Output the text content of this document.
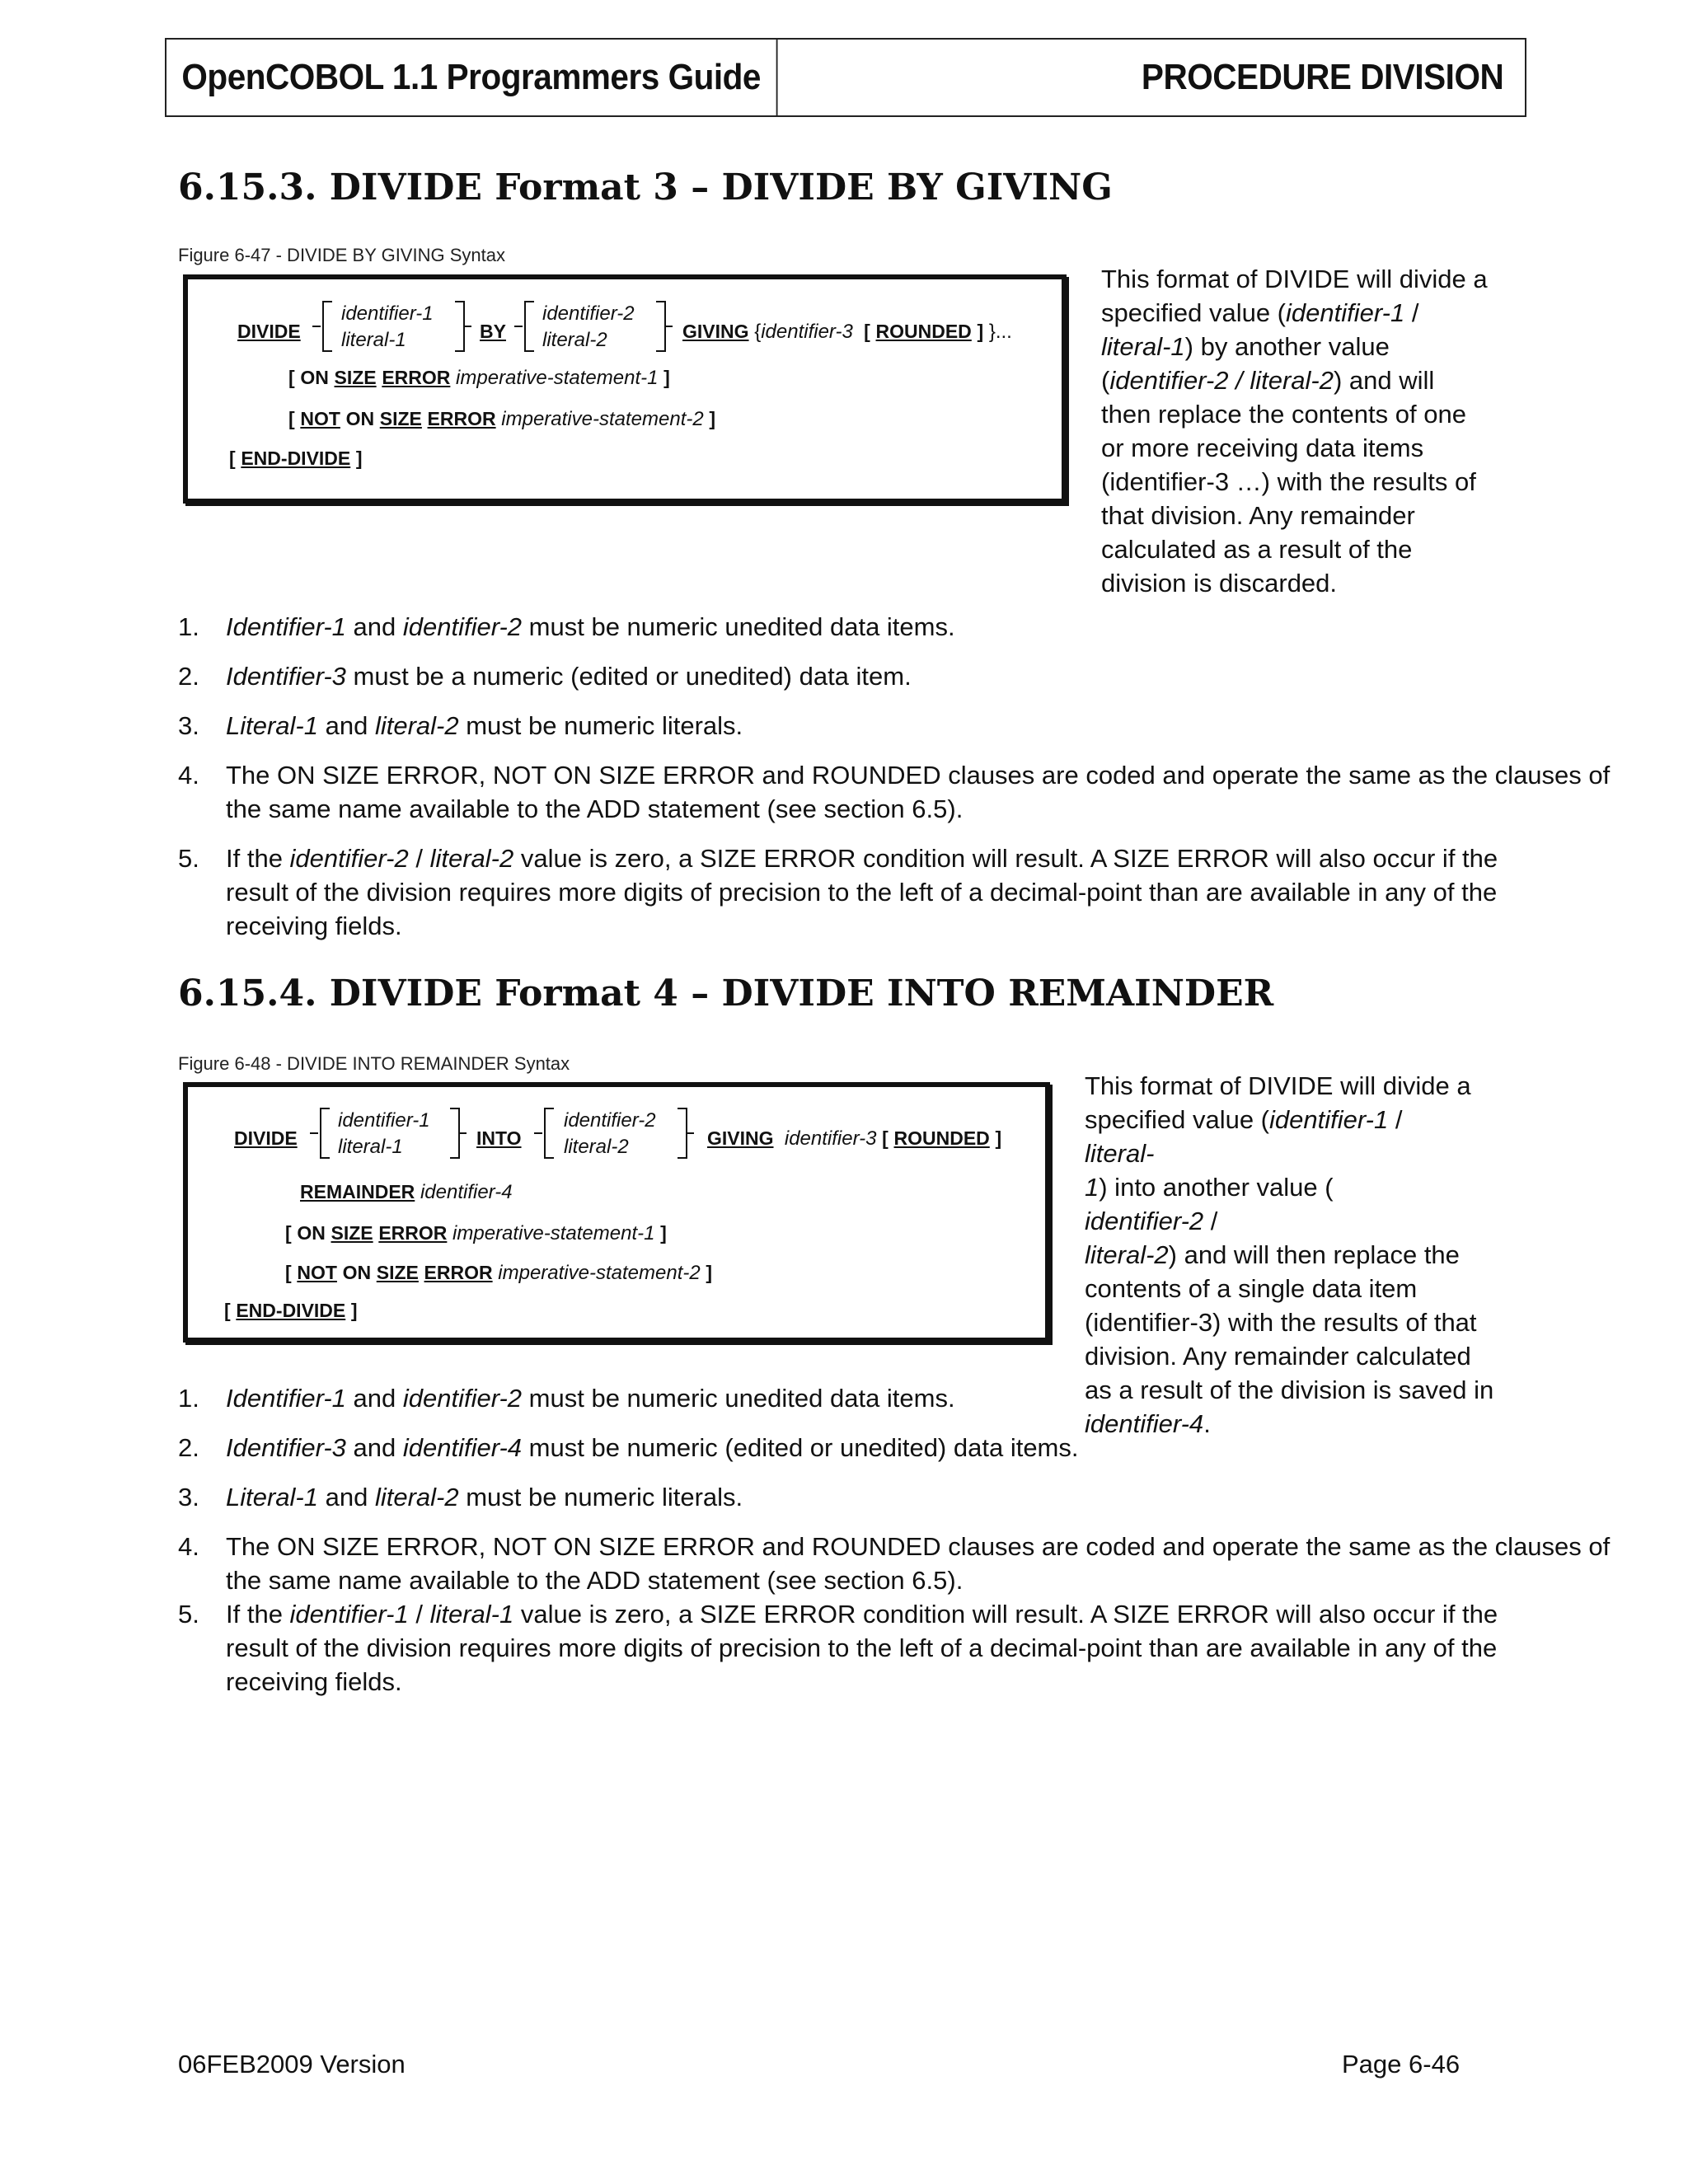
OpenCOBOL 1.1 Programmers Guide	PROCEDURE DIVISION
6.15.3. DIVIDE Format 3 – DIVIDE BY GIVING
Figure 6-47 - DIVIDE BY GIVING Syntax
DIVIDE
identifier-1
literal-1	BY
identifier-2
literal-2	GIVING {identifier-3 [ ROUNDED ] }...
[ ON SIZE ERROR imperative-statement-1 ]
[ NOT ON SIZE ERROR imperative-statement-2 ]
[ END-DIVIDE ]
This format of DIVIDE will divide a
specified value (identifier-1 /
literal-1) by another value
(identifier-2 / literal-2) and will
then replace the contents of one
or more receiving data items
(identifier-3 …) with the results of
that division. Any remainder
calculated as a result of the
division is discarded.
1. Identifier-1 and identifier-2 must be numeric unedited data items.
2. Identifier-3 must be a numeric (edited or unedited) data item.
3. Literal-1 and literal-2 must be numeric literals.
4. The ON SIZE ERROR, NOT ON SIZE ERROR and ROUNDED clauses are coded and operate the same as the clauses of
the same name available to the ADD statement (see section 6.5).
5. If the identifier-2 / literal-2 value is zero, a SIZE ERROR condition will result. A SIZE ERROR will also occur if the
result of the division requires more digits of precision to the left of a decimal-point than are available in any of the
receiving fields.
6.15.4. DIVIDE Format 4 – DIVIDE INTO REMAINDER
Figure 6-48 - DIVIDE INTO REMAINDER Syntax
DIVIDE
identifier-1
literal-1	INTO
identifier-2
literal-2	GIVING identifier-3 [ ROUNDED ]
REMAINDER identifier-4
[ ON SIZE ERROR imperative-statement-1 ]
[ NOT ON SIZE ERROR imperative-statement-2 ]
[ END-DIVIDE ]
This format of DIVIDE will divide a
specified value (identifier-1 /
literal-
1) into another value (
identifier-2 /
literal-2) and will then replace the
contents of a single data item
(identifier-3) with the results of that
division. Any remainder calculated
as a result of the division is saved in
identifier-4.
1. Identifier-1 and identifier-2 must be numeric unedited data items.
2. Identifier-3 and identifier-4 must be numeric (edited or unedited) data items.
3. Literal-1 and literal-2 must be numeric literals.
4. The ON SIZE ERROR, NOT ON SIZE ERROR and ROUNDED clauses are coded and operate the same as the clauses of
the same name available to the ADD statement (see section 6.5).
5. If the identifier-1 / literal-1 value is zero, a SIZE ERROR condition will result. A SIZE ERROR will also occur if the
result of the division requires more digits of precision to the left of a decimal-point than are available in any of the
receiving fields.
06FEB2009 Version	Page 6-46
